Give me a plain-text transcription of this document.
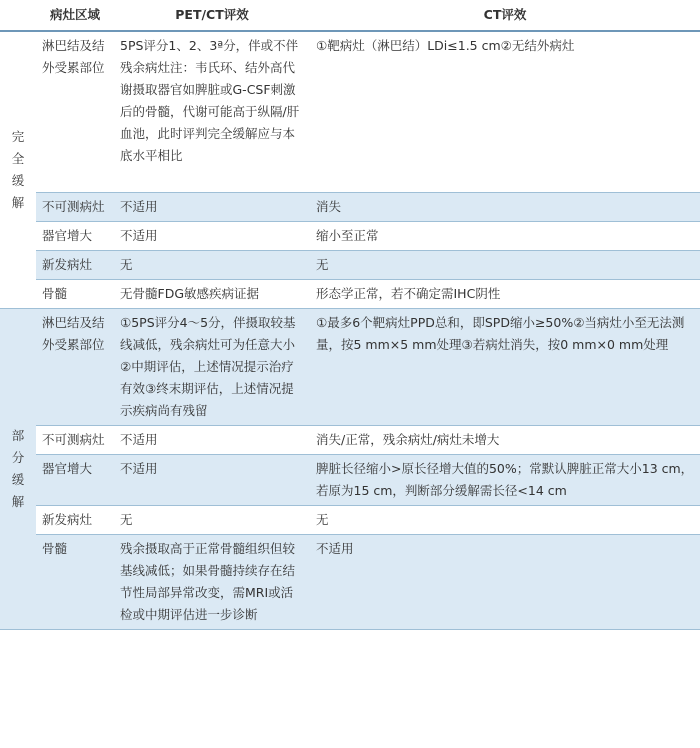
	病灶区域	PET/CT评效	CT评效

完全缓解	淋巴结及结外受累部位	5PS评分1、2、3ª分，伴或不伴残余病灶注：韦氏环、结外高代谢摄取器官如脾脏或G-CSF刺激后的骨髓，代谢可能高于纵隔/肝血池，此时评判完全缓解应与本底水平相比	①靶病灶（淋巴结）LDi≤1.5 cm②无结外病灶
	不可测病灶	不适用	消失
	器官增大	不适用	缩小至正常
	新发病灶	无	无
	骨髓	无骨髓FDG敏感疾病证据	形态学正常，若不确定需IHC阴性

部分缓解	淋巴结及结外受累部位	①5PS评分4～5分，伴摄取较基线减低，残余病灶可为任意大小②中期评估，上述情况提示治疗有效③终末期评估，上述情况提示疾病尚有残留	①最多6个靶病灶PPD总和，即SPD缩小≥50%②当病灶小至无法测量，按5 mm×5 mm处理③若病灶消失，按0 mm×0 mm处理
	不可测病灶	不适用	消失/正常，残余病灶/病灶未增大
	器官增大	不适用	脾脏长径缩小>原长径增大值的50%；常默认脾脏正常大小13 cm，若原为15 cm，判断部分缓解需长径<14 cm
	新发病灶	无	无
	骨髓	残余摄取高于正常骨髓组织但较基线减低；如果骨髓持续存在结节性局部异常改变，需MRI或活检或中期评估进一步诊断	不适用
